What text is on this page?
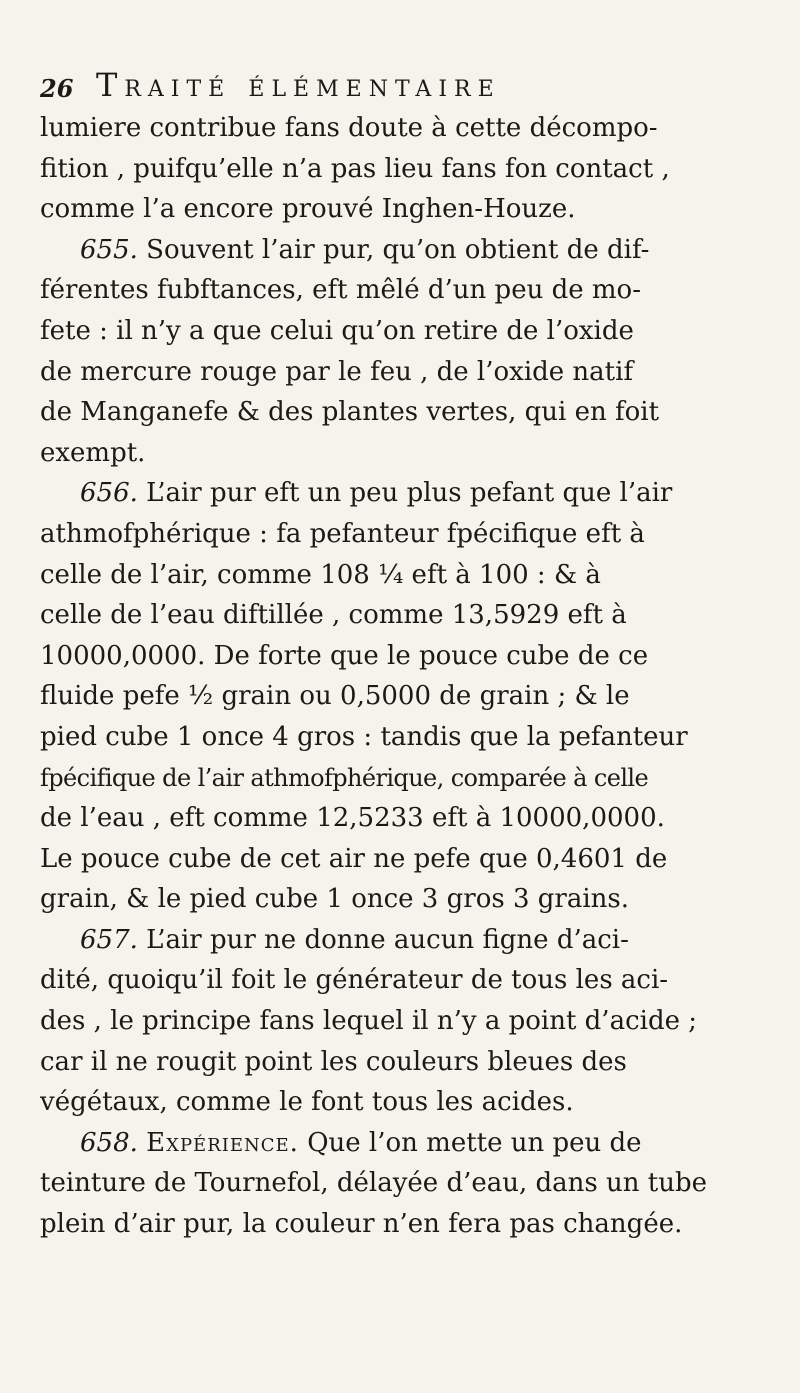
26 Traité élémentaire
lumiere contribue fans doute à cette décompo-
fition , puifqu’elle n’a pas lieu fans fon contact ,
comme l’a encore prouvé Inghen-Houze.
655. Souvent l’air pur, qu’on obtient de dif-
férentes fubftances, eft mêlé d’un peu de mo-
fete : il n’y a que celui qu’on retire de l’oxide
de mercure rouge par le feu , de l’oxide natif
de Manganefe & des plantes vertes, qui en foit
exempt.
656. L’air pur eft un peu plus pefant que l’air
athmofphérique : fa pefanteur fpécifique eft à
celle de l’air, comme 108 ¼ eft à 100 : & à
celle de l’eau diftillée , comme 13,5929 eft à
10000,0000. De forte que le pouce cube de ce
fluide pefe ½ grain ou 0,5000 de grain ; & le
pied cube 1 once 4 gros : tandis que la pefanteur
fpécifique de l’air athmofphérique, comparée à celle
de l’eau , eft comme 12,5233 eft à 10000,0000.
Le pouce cube de cet air ne pefe que 0,4601 de
grain, & le pied cube 1 once 3 gros 3 grains.
657. L’air pur ne donne aucun figne d’aci-
dité, quoiqu’il foit le générateur de tous les aci-
des , le principe fans lequel il n’y a point d’acide ;
car il ne rougit point les couleurs bleues des
végétaux, comme le font tous les acides.
658. Expérience. Que l’on mette un peu de
teinture de Tournefol, délayée d’eau, dans un tube
plein d’air pur, la couleur n’en fera pas changée.
